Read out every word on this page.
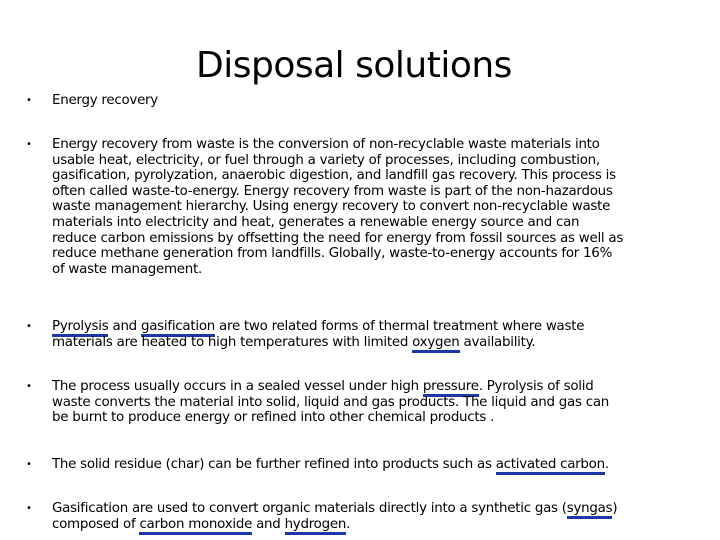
Disposal solutions
• Energy recovery
• Energy recovery from waste is the conversion of non-recyclable waste materials into
usable heat, electricity, or fuel through a variety of processes, including combustion,
gasification, pyrolyzation, anaerobic digestion, and landfill gas recovery. This process is
often called waste-to-energy. Energy recovery from waste is part of the non-hazardous
waste management hierarchy. Using energy recovery to convert non-recyclable waste
materials into electricity and heat, generates a renewable energy source and can
reduce carbon emissions by offsetting the need for energy from fossil sources as well as
reduce methane generation from landfills. Globally, waste-to-energy accounts for 16%
of waste management.
• Pyrolysis and gasification are two related forms of thermal treatment where waste
materials are heated to high temperatures with limited oxygen availability.
• The process usually occurs in a sealed vessel under high pressure. Pyrolysis of solid
waste converts the material into solid, liquid and gas products. The liquid and gas can
be burnt to produce energy or refined into other chemical products .
• The solid residue (char) can be further refined into products such as activated carbon.
• Gasification are used to convert organic materials directly into a synthetic gas (syngas)
composed of carbon monoxide and hydrogen.
